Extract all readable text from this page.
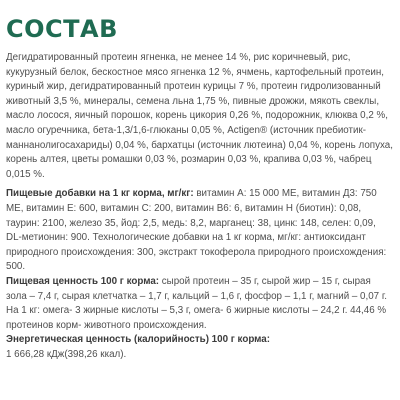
СОСТАВ

Дегидратированный протеин ягненка, не менее 14 %, рис коричневый, рис, кукурузный белок, бескостное мясо ягненка 12 %, ячмень, картофельный протеин, куриный жир, дегидратированный протеин курицы 7 %, протеин гидролизованный животный 3,5 %, минералы, семена льна 1,75 %, пивные дрожжи, мякоть свеклы, масло лосося, яичный порошок, корень цикория 0,26 %, подорожник, клюква 0,2 %, масло огуречника, бета-1,3/1,6-глюканы 0,05 %, Actigen® (источник пребиотик-маннанолигосахариды) 0,04 %, бархатцы (источник лютеина) 0,04 %, корень лопуха, корень алтея, цветы ромашки 0,03 %, розмарин 0,03 %, крапива 0,03 %, чабрец 0,015 %.

Пищевые добавки на 1 кг корма, мг/кг: витамин А: 15 000 МЕ, витамин Д3: 750 МЕ, витамин Е: 600, витамин С: 200, витамин В6: 6, витамин Н (биотин): 0,08, таурин: 2100, железо 35, йод: 2,5, медь: 8,2, марганец: 38, цинк: 148, селен: 0,09, DL-метионин: 900. Технологические добавки на 1 кг корма, мг/кг: антиоксидант природного происхождения: 300, экстракт токоферола природного происхождения: 500.

Пищевая ценность 100 г корма: сырой протеин – 35 г, сырой жир – 15 г, сырая зола – 7,4 г, сырая клетчатка – 1,7 г, кальций – 1,6 г, фосфор – 1,1 г, магний – 0,07 г. На 1 кг: омега- 3 жирные кислоты – 5,3 г, омега- 6 жирные кислоты – 24,2 г. 44,46 % протеинов корм- животного происхождения.

Энергетическая ценность (калорийность) 100 г корма:
1 666,28 кДж(398,26 ккал).
